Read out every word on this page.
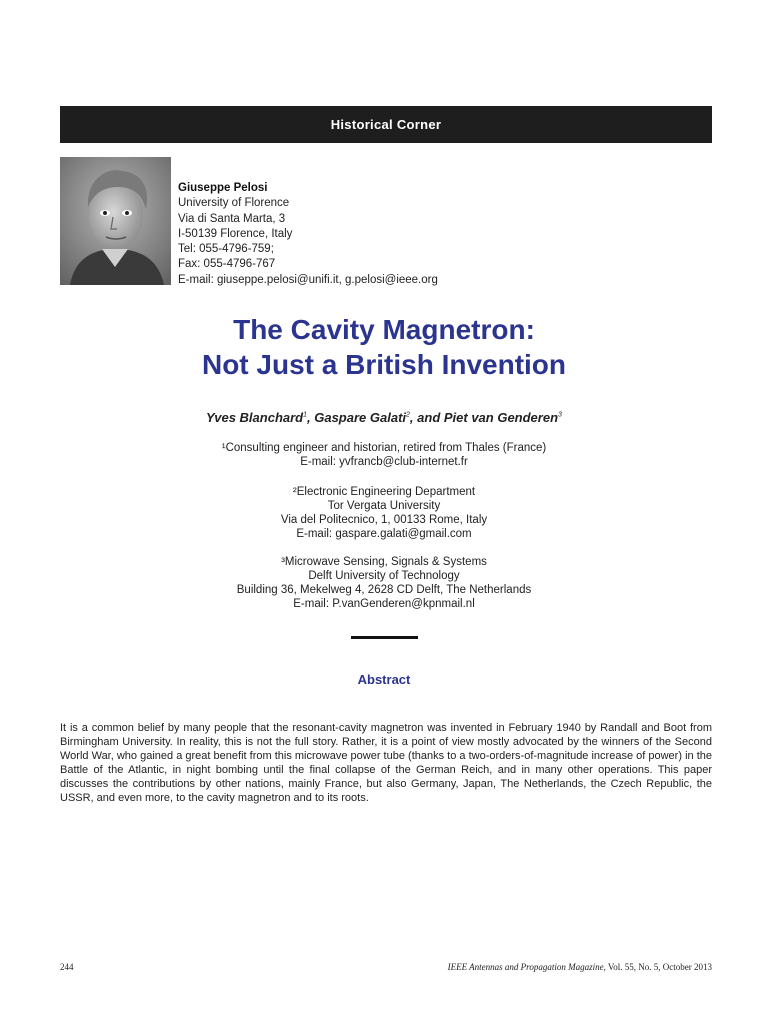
Historical Corner
Giuseppe Pelosi
University of Florence
Via di Santa Marta, 3
I-50139 Florence, Italy
Tel: 055-4796-759;
Fax: 055-4796-767
E-mail: giuseppe.pelosi@unifi.it, g.pelosi@ieee.org
The Cavity Magnetron:
Not Just a British Invention
Yves Blanchard$^1$, Gaspare Galati$^2$, and Piet van Genderen$^3$
¹Consulting engineer and historian, retired from Thales (France)
E-mail: yvfrancb@club-internet.fr
²Electronic Engineering Department
Tor Vergata University
Via del Politecnico, 1, 00133 Rome, Italy
E-mail: gaspare.galati@gmail.com
³Microwave Sensing, Signals & Systems
Delft University of Technology
Building 36, Mekelweg 4, 2628 CD Delft, The Netherlands
E-mail: P.vanGenderen@kpnmail.nl
Abstract
It is a common belief by many people that the resonant-cavity magnetron was invented in February 1940 by Randall and Boot from Birmingham University. In reality, this is not the full story. Rather, it is a point of view mostly advocated by the winners of the Second World War, who gained a great benefit from this microwave power tube (thanks to a two-orders-of-magnitude increase of power) in the Battle of the Atlantic, in night bombing until the final collapse of the German Reich, and in many other operations. This paper discusses the contributions by other nations, mainly France, but also Germany, Japan, The Netherlands, the Czech Republic, the USSR, and even more, to the cavity magnetron and to its roots.
244	IEEE Antennas and Propagation Magazine, Vol. 55, No. 5, October 2013
